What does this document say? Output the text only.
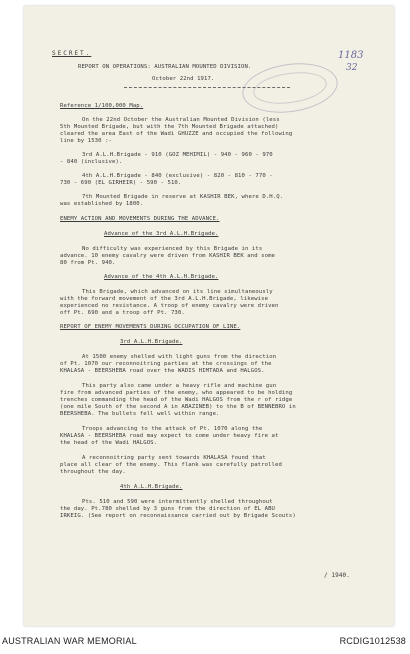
SECRET.	1183
32
REPORT ON OPERATIONS: AUSTRALIAN MOUNTED DIVISION.
October 22nd 1917.
Reference 1/100,000 Map.
On the 22nd October the Australian Mounted Division (less
5th Mounted Brigade, but with the 7th Mounted Brigade attached)
cleared the area East of the Wadi GHUZZE and occupied the following
line by 1530 :-
3rd A.L.H.Brigade - 910 (GOZ MEHIMIL) - 940 - 960 - 970
- 840 (inclusive).
4th A.L.H.Brigade - 840 (exclusive) - 820 - 810 - 770 -
730 - 690 (EL GIRHEIR) - 590 - 510.
7th Mounted Brigade in reserve at KASHIR BEK, where D.H.Q.
was established by 1800.
ENEMY ACTION AND MOVEMENTS DURING THE ADVANCE.
Advance of the 3rd A.L.H.Brigade.
No difficulty was experienced by this Brigade in its
advance. 10 enemy cavalry were driven from KASHIR BEK and some
80 from Pt. 940.
Advance of the 4th A.L.H.Brigade.
This Brigade, which advanced on its line simultaneously
with the forward movement of the 3rd A.L.H.Brigade, likewise
experienced no resistance. A troop of enemy cavalry were driven
off Pt. 690 and a troop off Pt. 730.
REPORT OF ENEMY MOVEMENTS DURING OCCUPATION OF LINE.
3rd A.L.H.Brigade.
At 1500 enemy shelled with light guns from the direction
of Pt. 1070 our reconnoitring parties at the crossings of the
KHALASA - BEERSHEBA road over the WADIS HIMTADA and HALGOS.
This party also came under a heavy rifle and machine gun
fire from advanced parties of the enemy, who appeared to be holding
trenches commanding the head of the Wadi HALGOS from the r of ridge
(one mile South of the second A in ABAZINEB) to the B of BENNEBRO in
BEERSHEBA. The bullets fell well within range.
Troops advancing to the attack of Pt. 1070 along the
KHALASA - BEERSHEBA road may expect to come under heavy fire at
the head of the Wadi HALGOS.
A reconnoitring party sent towards KHALASA found that
place all clear of the enemy. This flank was carefully patrolled
throughout the day.
4th A.L.H.Brigade.
Pts. 510 and 590 were intermittently shelled throughout
the day. Pt.780 shelled by 3 guns from the direction of EL ABU
IRKEIG. (See report on reconnaissance carried out by Brigade Scouts)
/ 1940.
AUSTRALIAN WAR MEMORIAL	RCDIG1012538
